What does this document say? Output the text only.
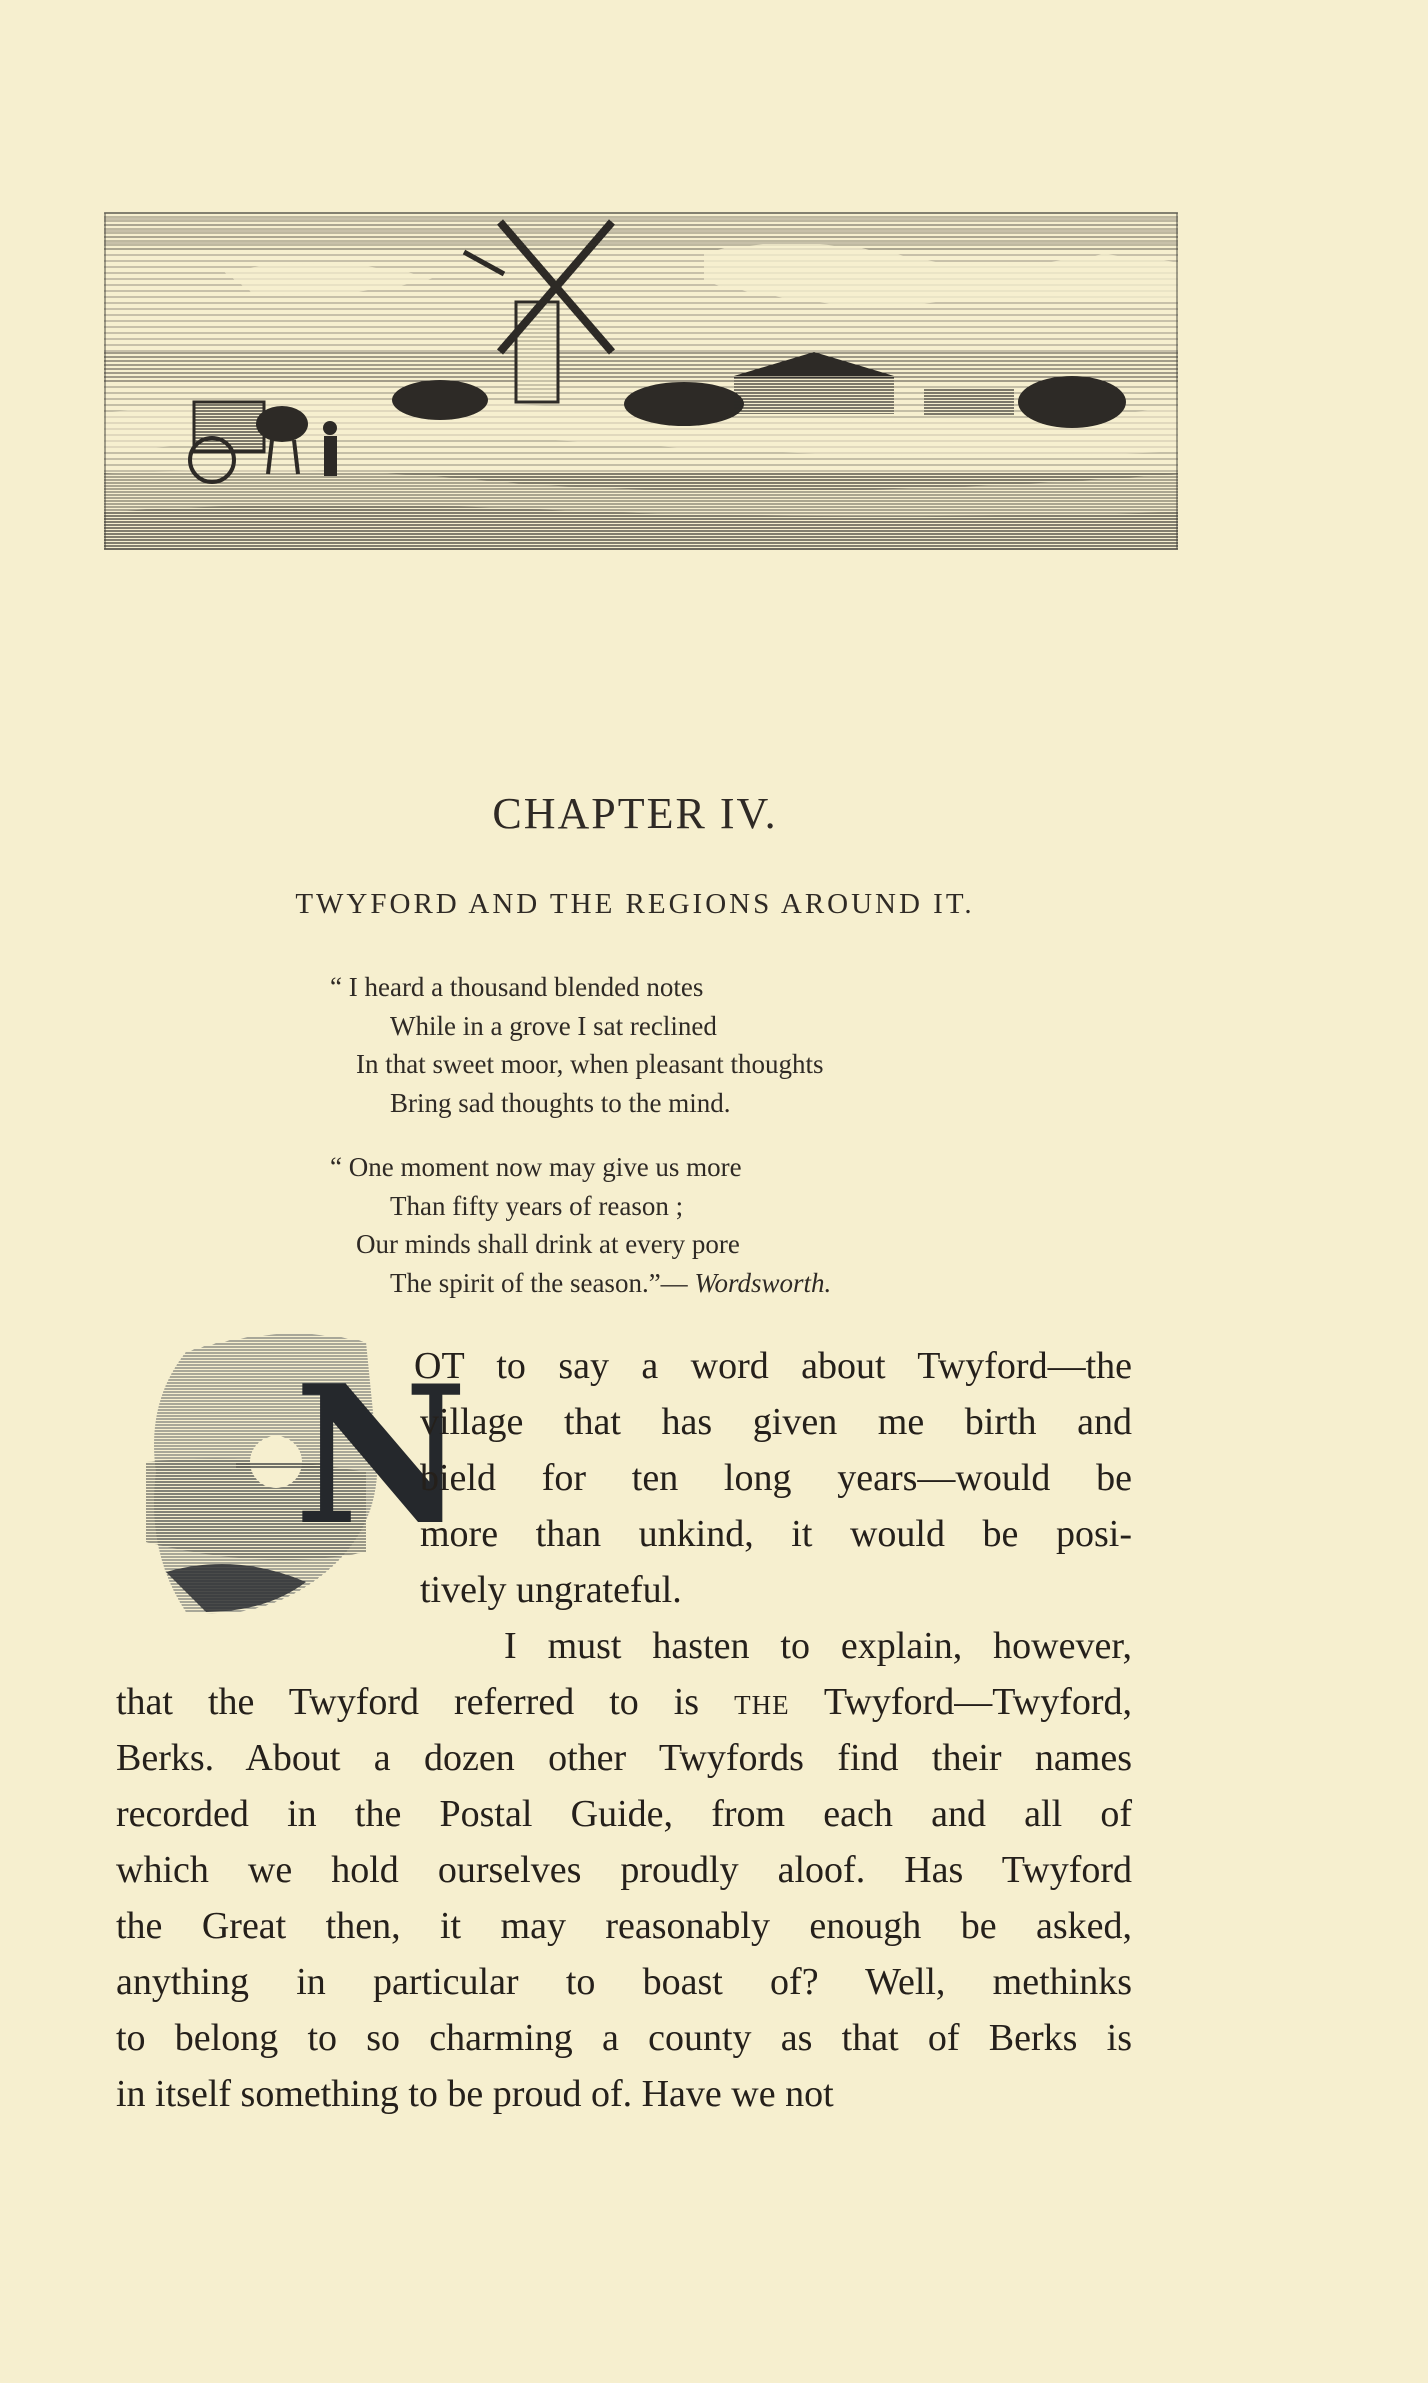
CHAPTER IV.
TWYFORD AND THE REGIONS AROUND IT.
“ I heard a thousand blended notes
While in a grove I sat reclined
In that sweet moor, when pleasant thoughts
Bring sad thoughts to the mind.
“ One moment now may give us more
Than fifty years of reason ;
Our minds shall drink at every pore
The spirit of the season.”— Wordsworth.
N
OT to say a word about Twyford—the
village that has given me birth and
bield for ten long years—would be
more than unkind, it would be posi-
tively ungrateful.
I must hasten to explain, however,
that the Twyford referred to is the Twyford—Twyford,
Berks. About a dozen other Twyfords find their names
recorded in the Postal Guide, from each and all of
which we hold ourselves proudly aloof. Has Twyford
the Great then, it may reasonably enough be asked,
anything in particular to boast of? Well, methinks
to belong to so charming a county as that of Berks is
in itself something to be proud of. Have we not
